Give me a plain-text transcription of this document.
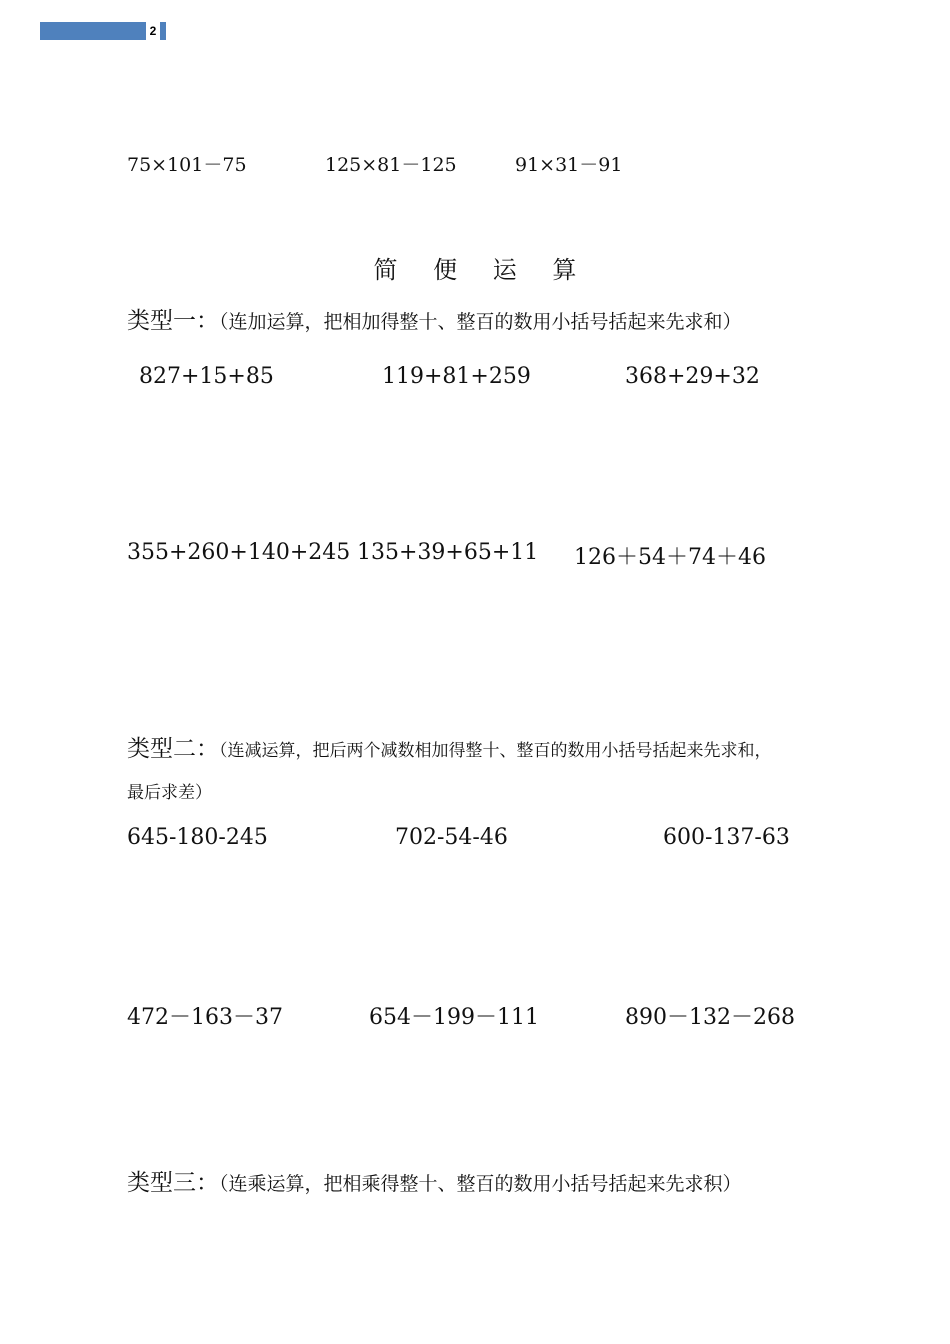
2
75×101－75	125×81－125	91×31－91
简 便 运 算
类型一：（连加运算，把相加得整十、整百的数用小括号括起来先求和）
827+15+85	119+81+259	368+29+32
355+260+140+245 135+39+65+11 126＋54＋74＋46
类型二：（连减运算，把后两个减数相加得整十、整百的数用小括号括起来先求和，
最后求差）
645-180-245	702-54-46	600-137-63
472－163－37	654－199－111	890－132－268
类型三：（连乘运算，把相乘得整十、整百的数用小括号括起来先求积）
